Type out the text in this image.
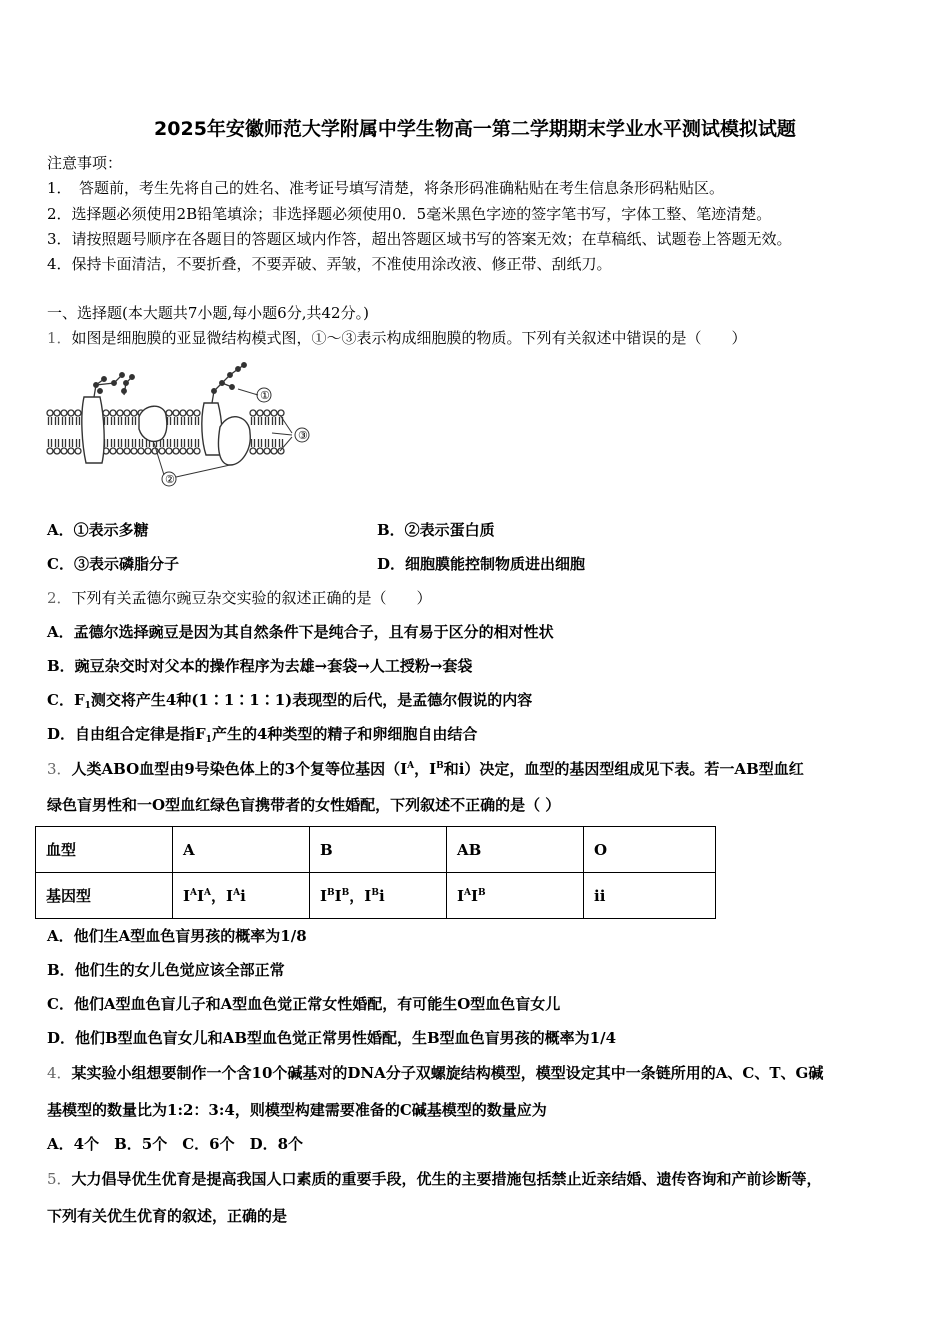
2025年安徽师范大学附属中学生物高一第二学期期末学业水平测试模拟试题
注意事项：
1．　答题前，考生先将自己的姓名、准考证号填写清楚，将条形码准确粘贴在考生信息条形码粘贴区。
2．选择题必须使用2B铅笔填涂；非选择题必须使用0．5毫米黑色字迹的签字笔书写，字体工整、笔迹清楚。
3．请按照题号顺序在各题目的答题区域内作答，超出答题区域书写的答案无效；在草稿纸、试题卷上答题无效。
4．保持卡面清洁，不要折叠，不要弄破、弄皱，不准使用涂改液、修正带、刮纸刀。
一、选择题(本大题共7小题,每小题6分,共42分。)
1．如图是细胞膜的亚显微结构模式图，①～③表示构成细胞膜的物质。下列有关叙述中错误的是（　　）
①
③
②
A．①表示多糖	B．②表示蛋白质
C．③表示磷脂分子	D．细胞膜能控制物质进出细胞
2．下列有关孟德尔豌豆杂交实验的叙述正确的是（　　）
A．孟德尔选择豌豆是因为其自然条件下是纯合子，且有易于区分的相对性状
B．豌豆杂交时对父本的操作程序为去雄→套袋→人工授粉→套袋
C．$F_1$测交将产生4种(1∶1∶1∶1)表现型的后代，是孟德尔假说的内容
D．自由组合定律是指$F_1$产生的4种类型的精子和卵细胞自由结合
3．人类ABO血型由9号染色体上的3个复等位基因（$I^A$，$I^B$和i）决定，血型的基因型组成见下表。若一AB型血红
绿色盲男性和一O型血红绿色盲携带者的女性婚配，下列叙述不正确的是（ ）
血型	A	B	AB	O
基因型	$I^AI^A$，$I^Ai$	$I^BI^B$，$I^Bi$	$I^AI^B$	ii
A．他们生A型血色盲男孩的概率为1/8
B．他们生的女儿色觉应该全部正常
C．他们A型血色盲儿子和A型血色觉正常女性婚配，有可能生O型血色盲女儿
D．他们B型血色盲女儿和AB型血色觉正常男性婚配，生B型血色盲男孩的概率为1/4
4．某实验小组想要制作一个含10个碱基对的DNA分子双螺旋结构模型，模型设定其中一条链所用的A、C、T、G碱
基模型的数量比为1:2：3:4，则模型构建需要准备的C碱基模型的数量应为
A．4个　B．5个　C．6个　D．8个
5．大力倡导优生优育是提高我国人口素质的重要手段，优生的主要措施包括禁止近亲结婚、遗传咨询和产前诊断等，
下列有关优生优育的叙述，正确的是
